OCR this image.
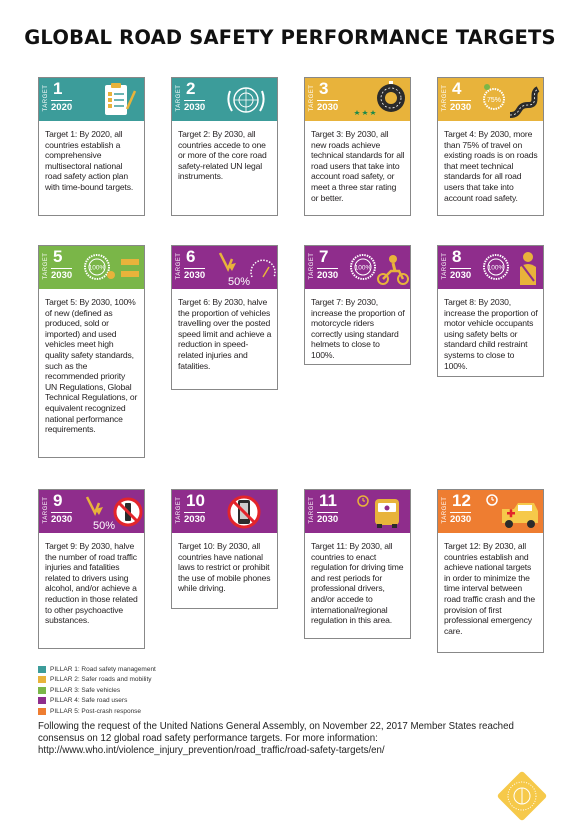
GLOBAL ROAD SAFETY PERFORMANCE TARGETS
TARGET 1
2020
Target 1: By 2020, all countries establish a comprehensive multisectoral national road safety action plan with time-bound targets.
TARGET 2
2030
Target 2: By 2030, all countries accede to one or more of the core road safety-related UN legal instruments.
TARGET 3
2030
Target 3: By 2030, all new roads achieve technical standards for all road users that take into account road safety, or meet a three star rating or better.
TARGET 4
2030
75%
Target 4: By 2030, more than 75% of travel on existing roads is on roads that meet technical standards for all road users that take into account road safety.
TARGET 5
2030
100%
Target 5: By 2030, 100% of new (defined as produced, sold or imported) and used vehicles meet high quality safety standards, such as the recommended priority UN Regulations, Global Technical Regulations, or equivalent recognized national performance requirements.
TARGET 6
2030
50%
Target 6: By 2030, halve the proportion of vehicles travelling over the posted speed limit and achieve a reduction in speed-related injuries and fatalities.
TARGET 7
2030
100%
Target 7: By 2030, increase the proportion of motorcycle riders correctly using standard helmets to close to 100%.
TARGET 8
2030
100%
Target 8: By 2030, increase the proportion of motor vehicle occupants using safety belts or standard child restraint systems to close to 100%.
TARGET 9
2030
50%
Target 9: By 2030, halve the number of road traffic injuries and fatalities related to drivers using alcohol, and/or achieve a reduction in those related to other psychoactive substances.
TARGET 10
2030
Target 10: By 2030, all countries have national laws to restrict or prohibit the use of mobile phones while driving.
TARGET 11
2030
Target 11: By 2030, all countries to enact regulation for driving time and rest periods for professional drivers, and/or accede to international/regional regulation in this area.
TARGET 12
2030
Target 12: By 2030, all countries establish and achieve national targets in order to minimize the time interval between road traffic crash and the provision of first professional emergency care.
PILLAR 1: Road safety management
PILLAR 2: Safer roads and mobility
PILLAR 3: Safe vehicles
PILLAR 4: Safe road users
PILLAR 5: Post-crash response
Following the request of the United Nations General Assembly, on November 22, 2017 Member States reached consensus on 12 global road safety performance targets. For more information: http://www.who.int/violence_injury_prevention/road_traffic/road-safety-targets/en/
